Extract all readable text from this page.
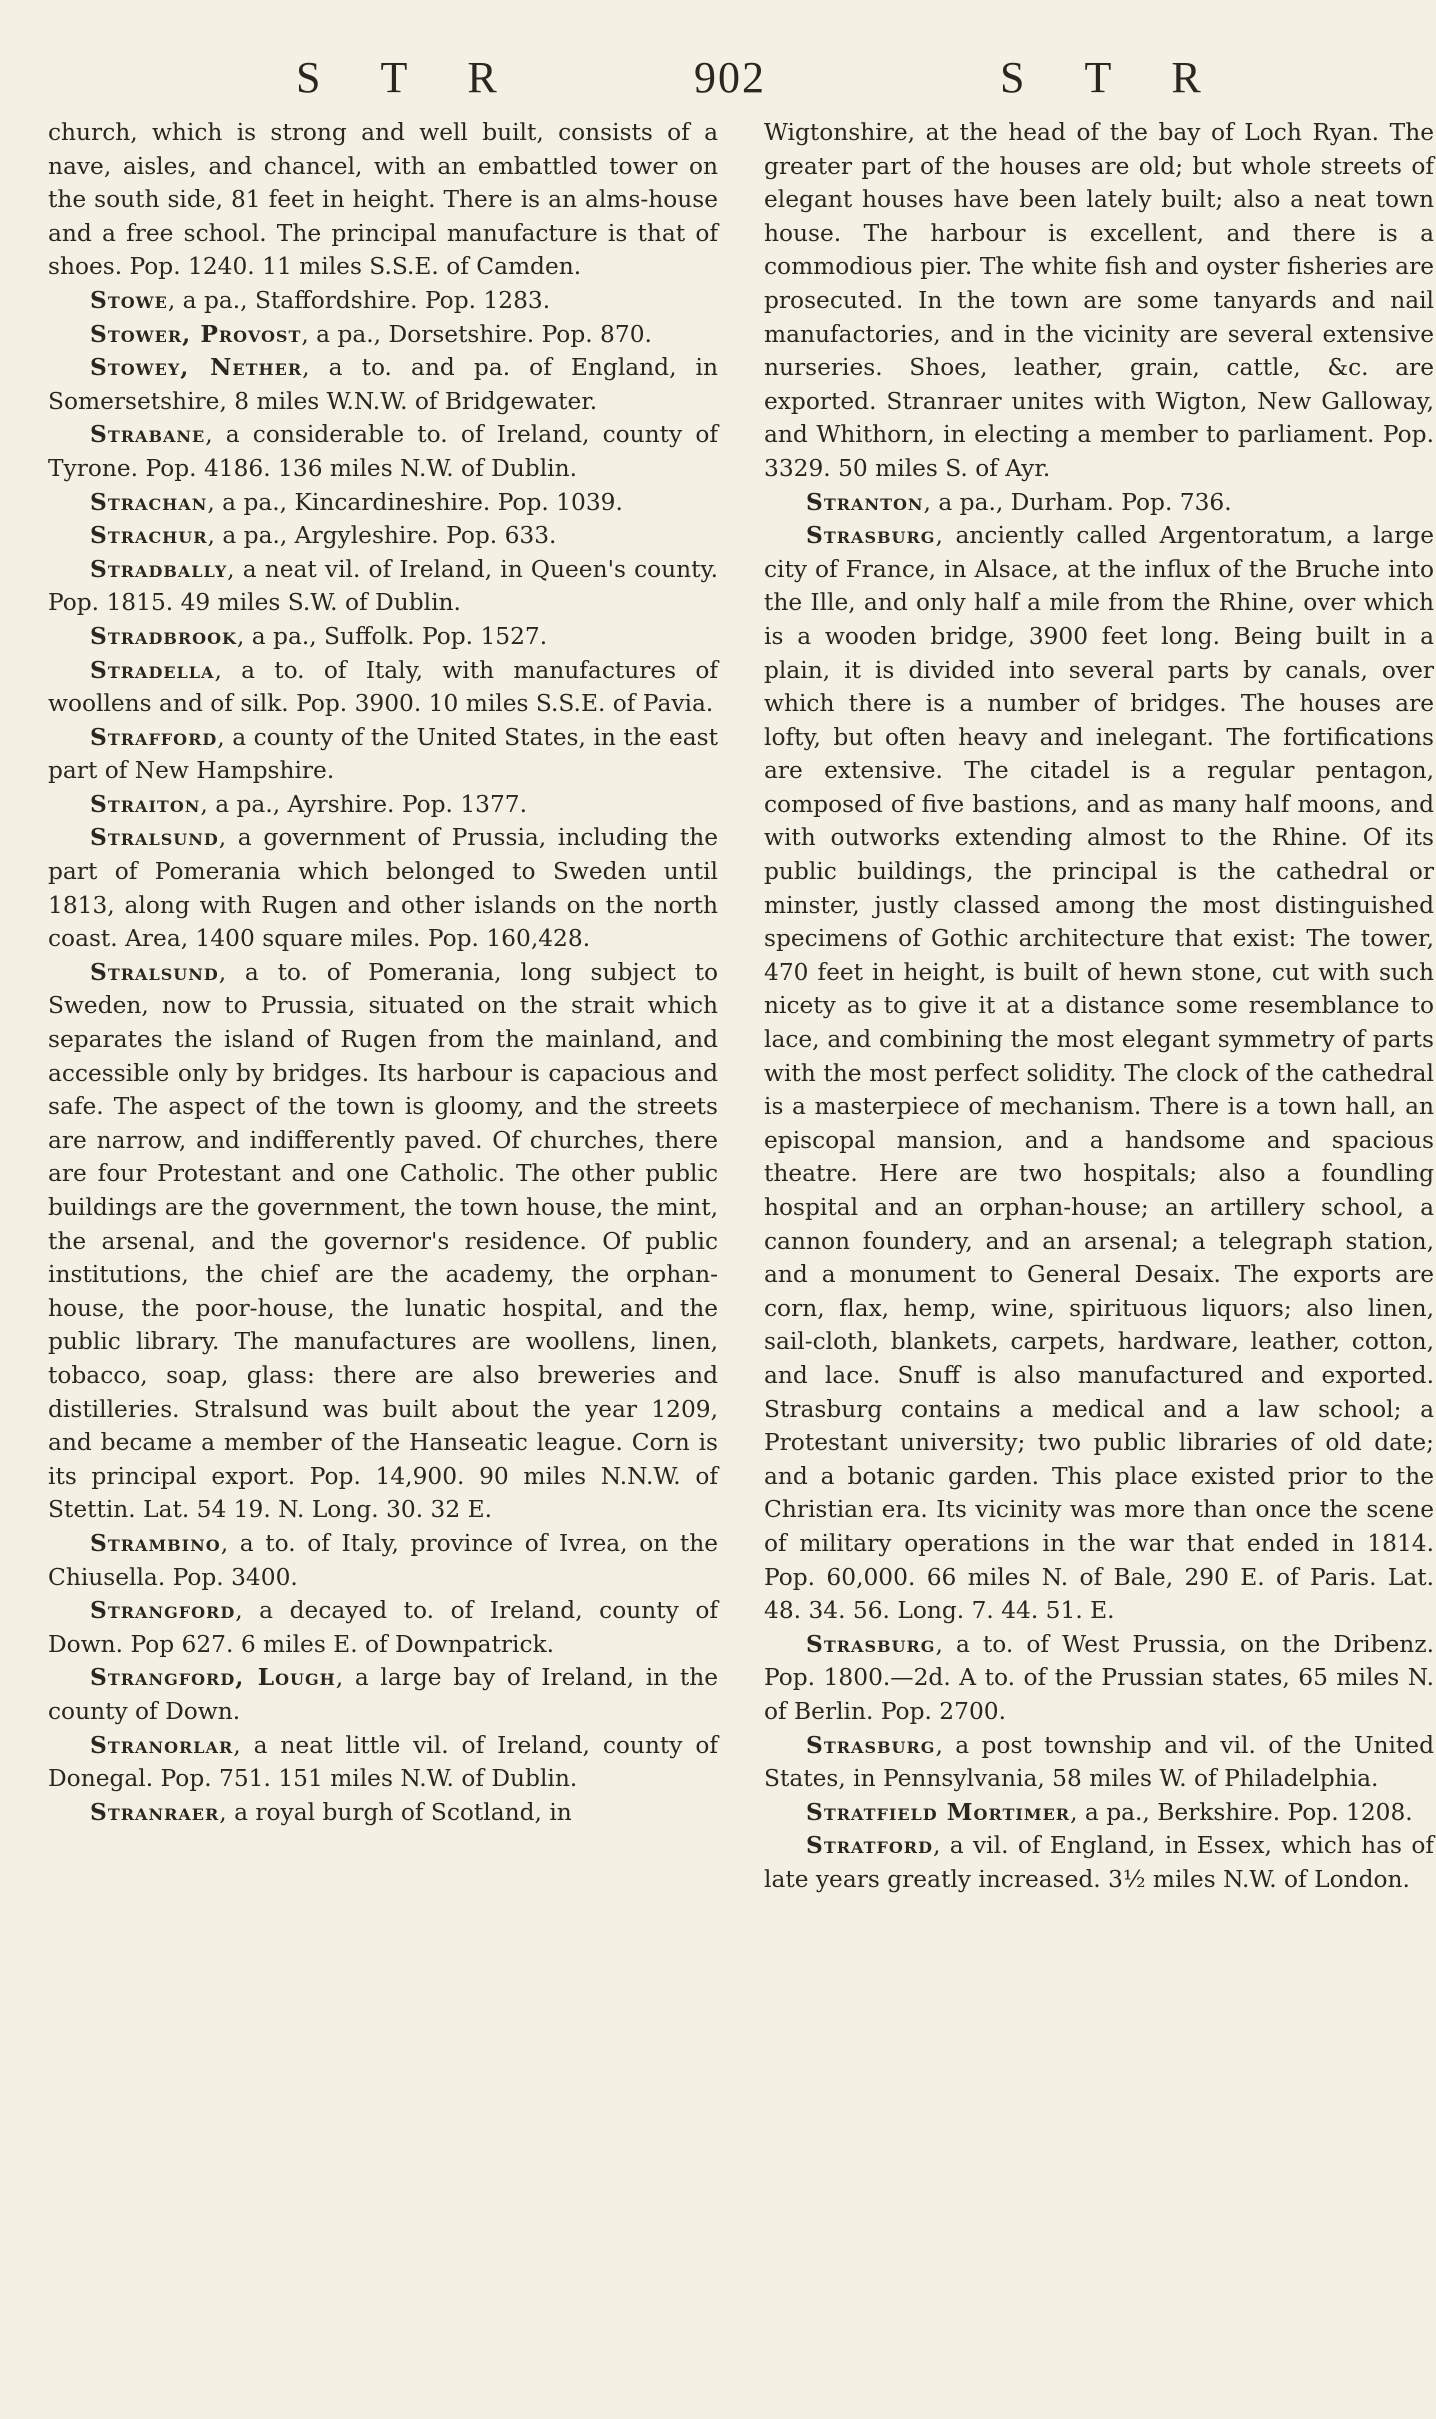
S T R	902	S T R

church, which is strong and well built, consists of a nave, aisles, and chancel, with an embattled tower on the south side, 81 feet in height. There is an alms-house and a free school. The principal manufacture is that of shoes. Pop. 1240. 11 miles S.S.E. of Camden.

Stowe, a pa., Staffordshire. Pop. 1283.

Stower, Provost, a pa., Dorsetshire. Pop. 870.

Stowey, Nether, a to. and pa. of England, in Somersetshire, 8 miles W.N.W. of Bridgewater.

Strabane, a considerable to. of Ireland, county of Tyrone. Pop. 4186. 136 miles N.W. of Dublin.

Strachan, a pa., Kincardineshire. Pop. 1039.

Strachur, a pa., Argyleshire. Pop. 633.

Stradbally, a neat vil. of Ireland, in Queen's county. Pop. 1815. 49 miles S.W. of Dublin.

Stradbrook, a pa., Suffolk. Pop. 1527.

Stradella, a to. of Italy, with manufactures of woollens and of silk. Pop. 3900. 10 miles S.S.E. of Pavia.

Strafford, a county of the United States, in the east part of New Hampshire.

Straiton, a pa., Ayrshire. Pop. 1377.

Stralsund, a government of Prussia, including the part of Pomerania which belonged to Sweden until 1813, along with Rugen and other islands on the north coast. Area, 1400 square miles. Pop. 160,428.

Stralsund, a to. of Pomerania, long subject to Sweden, now to Prussia, situated on the strait which separates the island of Rugen from the mainland, and accessible only by bridges. Its harbour is capacious and safe. The aspect of the town is gloomy, and the streets are narrow, and indifferently paved. Of churches, there are four Protestant and one Catholic. The other public buildings are the government, the town house, the mint, the arsenal, and the governor's residence. Of public institutions, the chief are the academy, the orphan-house, the poor-house, the lunatic hospital, and the public library. The manufactures are woollens, linen, tobacco, soap, glass: there are also breweries and distilleries. Stralsund was built about the year 1209, and became a member of the Hanseatic league. Corn is its principal export. Pop. 14,900. 90 miles N.N.W. of Stettin. Lat. 54 19. N. Long. 30. 32 E.

Strambino, a to. of Italy, province of Ivrea, on the Chiusella. Pop. 3400.

Strangford, a decayed to. of Ireland, county of Down. Pop 627. 6 miles E. of Downpatrick.

Strangford, Lough, a large bay of Ireland, in the county of Down.

Stranorlar, a neat little vil. of Ireland, county of Donegal. Pop. 751. 151 miles N.W. of Dublin.

Stranraer, a royal burgh of Scotland, in

Wigtonshire, at the head of the bay of Loch Ryan. The greater part of the houses are old; but whole streets of elegant houses have been lately built; also a neat town house. The harbour is excellent, and there is a commodious pier. The white fish and oyster fisheries are prosecuted. In the town are some tanyards and nail manufactories, and in the vicinity are several extensive nurseries. Shoes, leather, grain, cattle, &c. are exported. Stranraer unites with Wigton, New Galloway, and Whithorn, in electing a member to parliament. Pop. 3329. 50 miles S. of Ayr.

Stranton, a pa., Durham. Pop. 736.

Strasburg, anciently called Argentoratum, a large city of France, in Alsace, at the influx of the Bruche into the Ille, and only half a mile from the Rhine, over which is a wooden bridge, 3900 feet long. Being built in a plain, it is divided into several parts by canals, over which there is a number of bridges. The houses are lofty, but often heavy and inelegant. The fortifications are extensive. The citadel is a regular pentagon, composed of five bastions, and as many half moons, and with outworks extending almost to the Rhine. Of its public buildings, the principal is the cathedral or minster, justly classed among the most distinguished specimens of Gothic architecture that exist: The tower, 470 feet in height, is built of hewn stone, cut with such nicety as to give it at a distance some resemblance to lace, and combining the most elegant symmetry of parts with the most perfect solidity. The clock of the cathedral is a masterpiece of mechanism. There is a town hall, an episcopal mansion, and a handsome and spacious theatre. Here are two hospitals; also a foundling hospital and an orphan-house; an artillery school, a cannon foundery, and an arsenal; a telegraph station, and a monument to General Desaix. The exports are corn, flax, hemp, wine, spirituous liquors; also linen, sail-cloth, blankets, carpets, hardware, leather, cotton, and lace. Snuff is also manufactured and exported. Strasburg contains a medical and a law school; a Protestant university; two public libraries of old date; and a botanic garden. This place existed prior to the Christian era. Its vicinity was more than once the scene of military operations in the war that ended in 1814. Pop. 60,000. 66 miles N. of Bale, 290 E. of Paris. Lat. 48. 34. 56. Long. 7. 44. 51. E.

Strasburg, a to. of West Prussia, on the Dribenz. Pop. 1800.—2d. A to. of the Prussian states, 65 miles N. of Berlin. Pop. 2700.

Strasburg, a post township and vil. of the United States, in Pennsylvania, 58 miles W. of Philadelphia.

Stratfield Mortimer, a pa., Berkshire. Pop. 1208.

Stratford, a vil. of England, in Essex, which has of late years greatly increased. 3½ miles N.W. of London.
